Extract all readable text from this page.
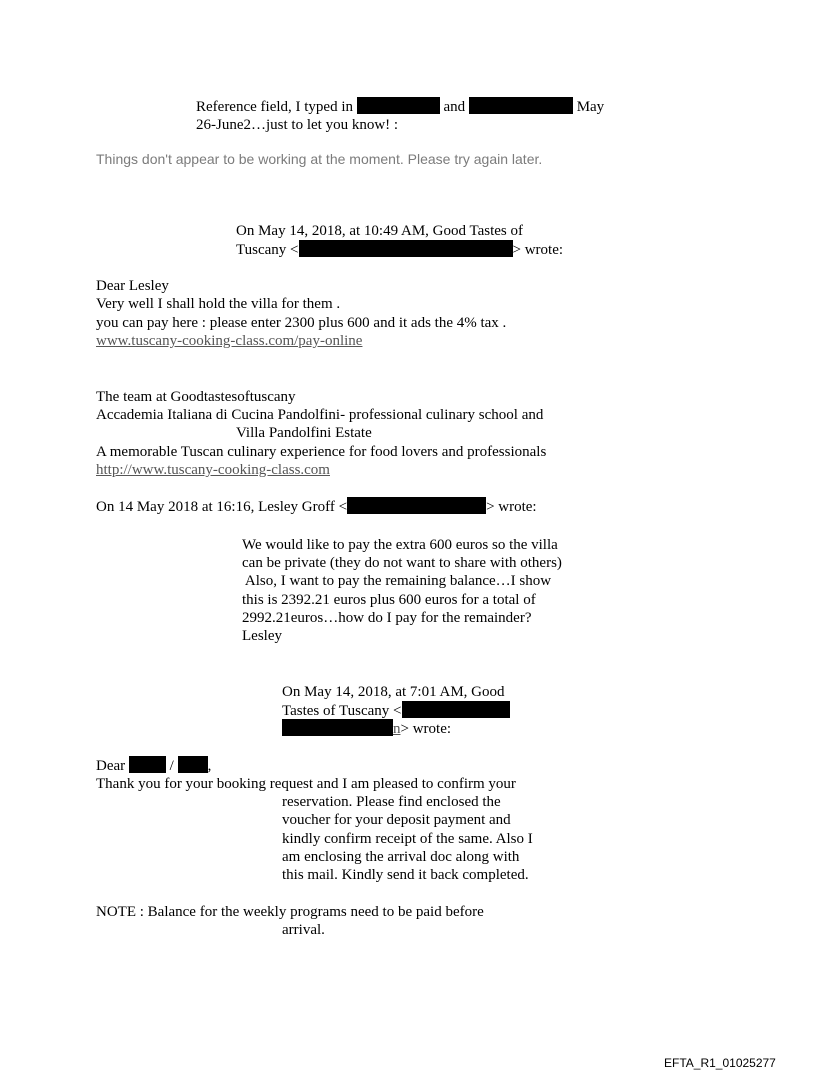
Reference field, I typed in	and	May
26-June2…just to let you know! :
Things don't appear to be working at the moment. Please try again later.
On May 14, 2018, at 10:49 AM, Good Tastes of
Tuscany <	> wrote:
Dear Lesley
Very well I shall hold the villa for them .
you can pay here : please enter 2300 plus 600 and it ads the 4% tax .
www.tuscany-cooking-class.com/pay-online
The team at Goodtastesoftuscany
Accademia Italiana di Cucina Pandolfini- professional culinary school and
Villa Pandolfini Estate
A memorable Tuscan culinary experience for food lovers and professionals
http://www.tuscany-cooking-class.com
On 14 May 2018 at 16:16, Lesley Groff <	> wrote:
We would like to pay the extra 600 euros so the villa
can be private (they do not want to share with others)
Also, I want to pay the remaining balance…I show
this is 2392.21 euros plus 600 euros for a total of
2992.21euros…how do I pay for the remainder?
Lesley
On May 14, 2018, at 7:01 AM, Good
Tastes of Tuscany <
n> wrote:
Dear	/ ,
Thank you for your booking request and I am pleased to confirm your
reservation. Please find enclosed the
voucher for your deposit payment and
kindly confirm receipt of the same. Also I
am enclosing the arrival doc along with
this mail. Kindly send it back completed.
NOTE : Balance for the weekly programs need to be paid before
arrival.
EFTA_R1_01025277
